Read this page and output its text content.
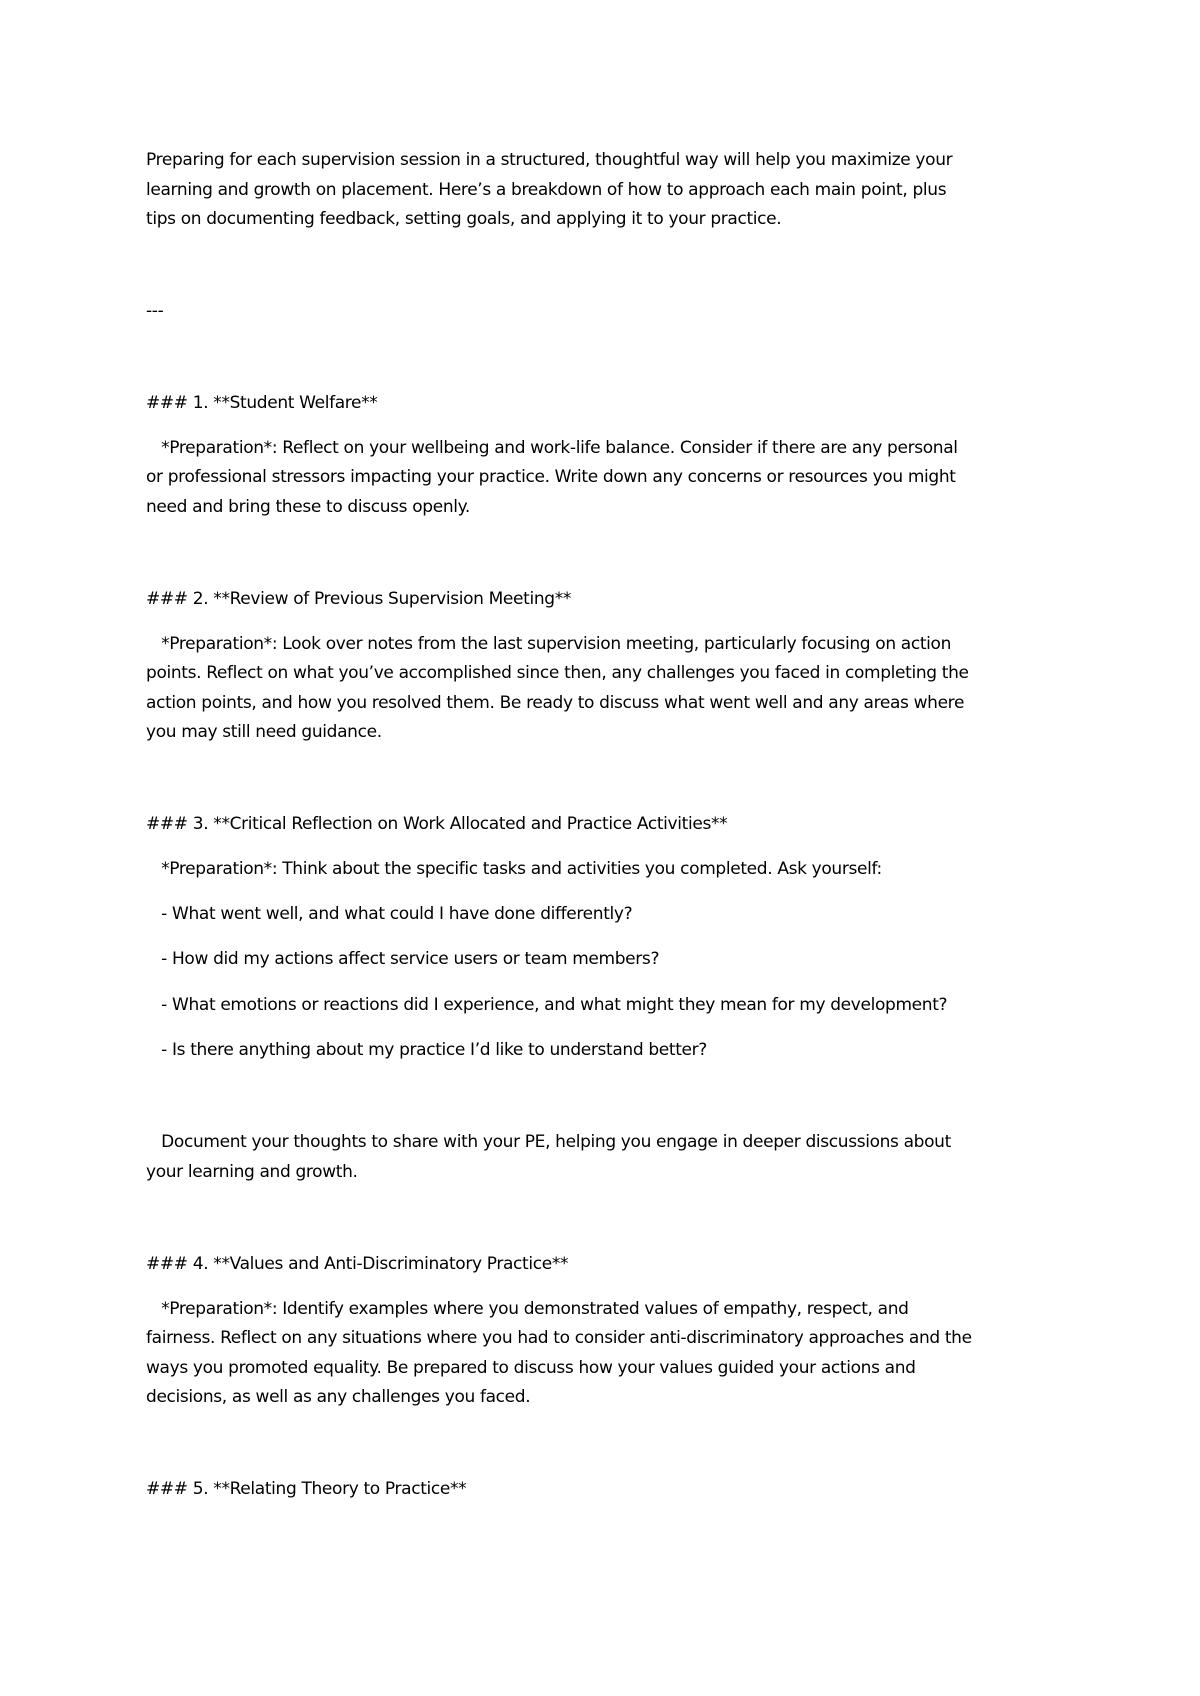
Preparing for each supervision session in a structured, thoughtful way will help you maximize your
learning and growth on placement. Here’s a breakdown of how to approach each main point, plus
tips on documenting feedback, setting goals, and applying it to your practice.
---
### 1. **Student Welfare**
*Preparation*: Reflect on your wellbeing and work-life balance. Consider if there are any personal
or professional stressors impacting your practice. Write down any concerns or resources you might
need and bring these to discuss openly.
### 2. **Review of Previous Supervision Meeting**
*Preparation*: Look over notes from the last supervision meeting, particularly focusing on action
points. Reflect on what you’ve accomplished since then, any challenges you faced in completing the
action points, and how you resolved them. Be ready to discuss what went well and any areas where
you may still need guidance.
### 3. **Critical Reflection on Work Allocated and Practice Activities**
*Preparation*: Think about the specific tasks and activities you completed. Ask yourself:
- What went well, and what could I have done differently?
- How did my actions affect service users or team members?
- What emotions or reactions did I experience, and what might they mean for my development?
- Is there anything about my practice I’d like to understand better?
Document your thoughts to share with your PE, helping you engage in deeper discussions about
your learning and growth.
### 4. **Values and Anti-Discriminatory Practice**
*Preparation*: Identify examples where you demonstrated values of empathy, respect, and
fairness. Reflect on any situations where you had to consider anti-discriminatory approaches and the
ways you promoted equality. Be prepared to discuss how your values guided your actions and
decisions, as well as any challenges you faced.
### 5. **Relating Theory to Practice**
